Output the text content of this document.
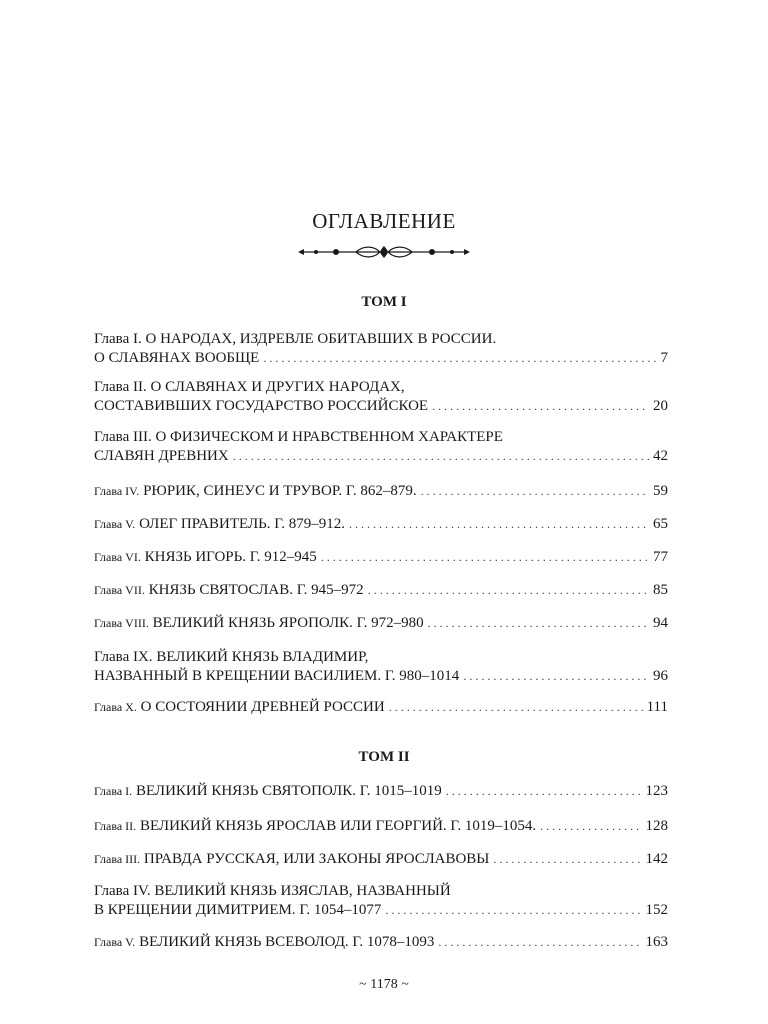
ОГЛАВЛЕНИЕ
ТОМ I
Глава I. О НАРОДАХ, ИЗДРЕВЛЕ ОБИТАВШИХ В РОССИИ.
О СЛАВЯНАХ ВООБЩЕ .....	7
Глава II. О СЛАВЯНАХ И ДРУГИХ НАРОДАХ,
СОСТАВИВШИХ ГОСУДАРСТВО РОССИЙСКОЕ .....	20
Глава III. О ФИЗИЧЕСКОМ И НРАВСТВЕННОМ ХАРАКТЕРЕ
СЛАВЯН ДРЕВНИХ .....	42
Глава IV. РЮРИК, СИНЕУС И ТРУВОР. Г. 862–879. .....	59
Глава V. ОЛЕГ ПРАВИТЕЛЬ. Г. 879–912. .....	65
Глава VI. КНЯЗЬ ИГОРЬ. Г. 912–945 .....	77
Глава VII. КНЯЗЬ СВЯТОСЛАВ. Г. 945–972 .....	85
Глава VIII. ВЕЛИКИЙ КНЯЗЬ ЯРОПОЛК. Г. 972–980 .....	94
Глава IX. ВЕЛИКИЙ КНЯЗЬ ВЛАДИМИР,
НАЗВАННЫЙ В КРЕЩЕНИИ ВАСИЛИЕМ. Г. 980–1014 .....	96
Глава X. О СОСТОЯНИИ ДРЕВНЕЙ РОССИИ .....	111
ТОМ II
Глава I. ВЕЛИКИЙ КНЯЗЬ СВЯТОПОЛК. Г. 1015–1019 .....	123
Глава II. ВЕЛИКИЙ КНЯЗЬ ЯРОСЛАВ ИЛИ ГЕОРГИЙ. Г. 1019–1054. .....	128
Глава III. ПРАВДА РУССКАЯ, ИЛИ ЗАКОНЫ ЯРОСЛАВОВЫ .....	142
Глава IV. ВЕЛИКИЙ КНЯЗЬ ИЗЯСЛАВ, НАЗВАННЫЙ
В КРЕЩЕНИИ ДИМИТРИЕМ. Г. 1054–1077 .....	152
Глава V. ВЕЛИКИЙ КНЯЗЬ ВСЕВОЛОД. Г. 1078–1093 .....	163
~ 1178 ~
